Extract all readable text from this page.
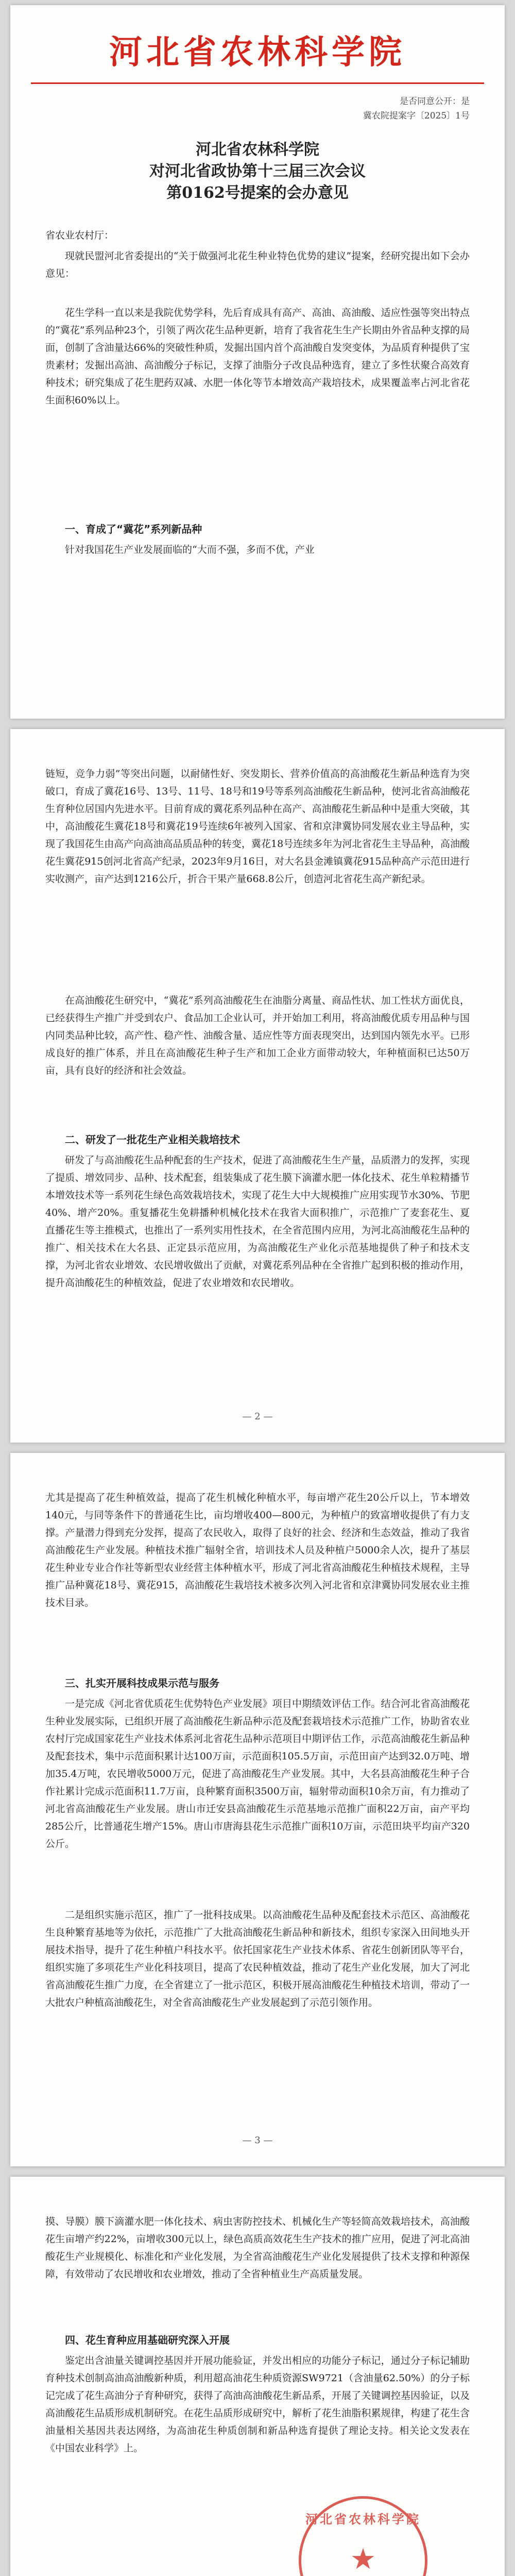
河北省农林科学院
是否同意公开：是
冀农院提案字〔2025〕1号

河北省农林科学院

对河北省政协第十三届三次会议

第0162号提案的会办意见

省农业农村厅：

现就民盟河北省委提出的“关于做强河北花生种业特色优势的建议”提案，经研究提出如下会办意见：

花生学科一直以来是我院优势学科，先后育成具有高产、高油、高油酸、适应性强等突出特点的“冀花”系列品种23个，引领了两次花生品种更新，培育了我省花生生产长期由外省品种支撑的局面，创制了含油量达66%的突破性种质，发掘出国内首个高油酸自发突变体，为品质育种提供了宝贵素材；发掘出高油、高油酸分子标记，支撑了油脂分子改良品种选育，建立了多性状聚合高效育种技术；研究集成了花生肥药双减、水肥一体化等节本增效高产栽培技术，成果覆盖率占河北省花生面积60%以上。

一、育成了“冀花”系列新品种

针对我国花生产业发展面临的“大而不强，多而不优，产业

链短，竞争力弱”等突出问题，以耐储性好、突发期长、营养价值高的高油酸花生新品种选育为突破口，育成了冀花16号、13号、11号、18号和19号等系列高油酸花生新品种，使河北省高油酸花生育种位居国内先进水平。目前育成的冀花系列品种在高产、高油酸花生新品种中是重大突破，其中，高油酸花生冀花18号和冀花19号连续6年被列入国家、省和京津冀协同发展农业主导品种，实现了我国花生由高产向高油高品质品种的转变，冀花18号连续多年为河北省花生主导品种，高油酸花生冀花915创河北省高产纪录，2023年9月16日，对大名县金滩镇冀花915品种高产示范田进行实收测产，亩产达到1216公斤，折合干果产量668.8公斤，创造河北省花生高产新纪录。

在高油酸花生研究中，“冀花”系列高油酸花生在油脂分离量、商品性状、加工性状方面优良，已经获得生产推广并受到农户、食品加工企业认可，并开始加工利用，将高油酸优质专用品种与国内同类品种比较，高产性、稳产性、油酸含量、适应性等方面表现突出，达到国内领先水平。已形成良好的推广体系，并且在高油酸花生种子生产和加工企业方面带动较大，年种植面积已达50万亩，具有良好的经济和社会效益。

二、研发了一批花生产业相关栽培技术

研发了与高油酸花生品种配套的生产技术，促进了高油酸花生生产量，品质潜力的发挥，实现了提质、增效同步、品种、技术配套，组装集成了花生膜下滴灌水肥一体化技术、花生单粒精播节本增效技术等一系列花生绿色高效栽培技术，实现了花生大中大规模推广应用实现节水30%、节肥40%、增产20%。重复播花生免耕播种机械化技术在我省大面积推广，示范推广了麦套花生、夏直播花生等主推模式，也推出了一系列实用性技术，在全省范围内应用，为河北高油酸花生品种的推广、相关技术在大名县、正定县示范应用，为高油酸花生产业化示范基地提供了种子和技术支撑，为河北省农业增效、农民增收做出了贡献，对冀花系列品种在全省推广起到积极的推动作用，提升高油酸花生的种植效益，促进了农业增效和农民增收。

— 2 —

尤其是提高了花生种植效益，提高了花生机械化种植水平，每亩增产花生20公斤以上，节本增效140元，与同等条件下的普通花生比，亩均增收400—800元，为种植户的致富增收提供了有力支撑。产量潜力得到充分发挥，提高了农民收入，取得了良好的社会、经济和生态效益，推动了我省高油酸花生产业发展。种植技术推广辐射全省，培训技术人员及种植户5000余人次，提升了基层花生种业专业合作社等新型农业经营主体种植水平，形成了河北省高油酸花生种植技术规程，主导推广品种冀花18号、冀花915，高油酸花生栽培技术被多次列入河北省和京津冀协同发展农业主推技术目录。

三、扎实开展科技成果示范与服务

一是完成《河北省优质花生优势特色产业发展》项目中期绩效评估工作。结合河北省高油酸花生种业发展实际，已组织开展了高油酸花生新品种示范及配套栽培技术示范推广工作，协助省农业农村厅完成国家花生产业技术体系河北省花生品种示范项目中期评估工作，示范高油酸花生新品种及配套技术，集中示范面积累计达100万亩，示范面积105.5万亩，示范田亩产达到32.0万吨、增加35.4万吨，农民增收5000万元，促进了高油酸花生产业发展。其中，大名县高油酸花生种子合作社累计完成示范面积11.7万亩，良种繁育面积3500万亩，辐射带动面积10余万亩，有力推动了河北省高油酸花生产业发展。唐山市迁安县高油酸花生示范基地示范推广面积22万亩，亩产平均285公斤，比普通花生增产15%。唐山市唐海县花生示范推广面积10万亩，示范田块平均亩产320公斤。

二是组织实施示范区，推广了一批科技成果。以高油酸花生品种及配套技术示范区、高油酸花生良种繁育基地等为依托，示范推广了大批高油酸花生新品种和新技术，组织专家深入田间地头开展技术指导，提升了花生种植户科技水平。依托国家花生产业技术体系、省花生创新团队等平台，组织实施了多项花生产业化科技项目，提高了农民种植效益，推动了花生产业化发展，加大了河北省高油酸花生推广力度，在全省建立了一批示范区，积极开展高油酸花生种植技术培训，带动了一大批农户种植高油酸花生，对全省高油酸花生产业发展起到了示范引领作用。

— 3 —

摸、导膜）膜下滴灌水肥一体化技术、病虫害防控技术、机械化生产等轻简高效栽培技术，高油酸花生亩增产约22%，亩增收300元以上，绿色高质高效花生生产技术的推广应用，促进了河北高油酸花生产业规模化、标准化和产业化发展，为全省高油酸花生产业化发展提供了技术支撑和种源保障，有效带动了农民增收和农业增效，推动了全省种植业生产高质量发展。

四、花生育种应用基础研究深入开展

鉴定出含油量关键调控基因并开展功能验证，并发出相应的功能分子标记，通过分子标记辅助育种技术创制高油高油酸新种质，利用超高油花生种质资源SW9721（含油量62.50%）的分子标记完成了花生高油分子育种研究，获得了高油高油酸花生新品系，开展了关键调控基因验证，以及高油酸花生品质形成机制研究。在花生品质形成研究中，解析了花生油脂积累规律，构建了花生含油量相关基因共表达网络，为高油花生种质创制和新品种选育提供了理论支持。相关论文发表在《中国农业科学》上。

河北省农林科学院
★
